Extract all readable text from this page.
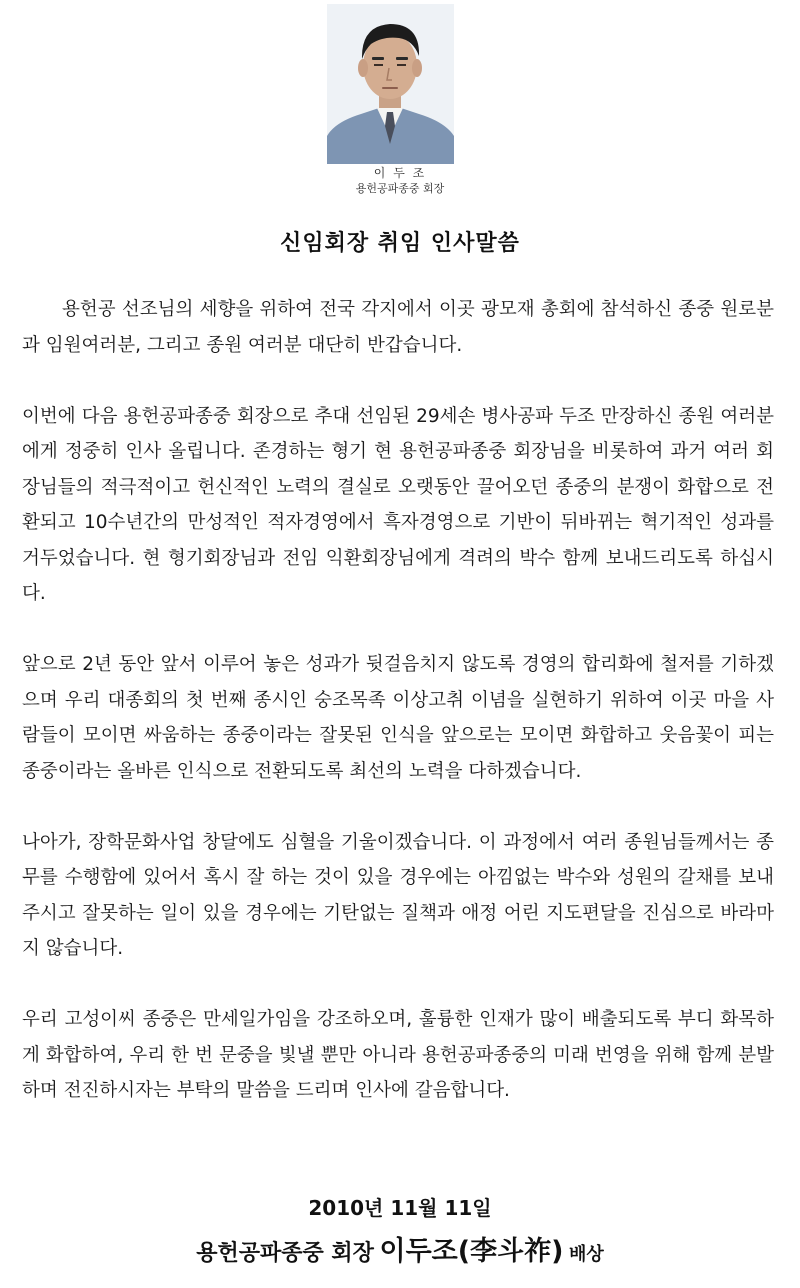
이 두 조
용헌공파종중 회장
신임회장 취임 인사말씀

용헌공 선조님의 세향을 위하여 전국 각지에서 이곳 광모재 총회에 참석하신 종중 원로분과 임원여러분, 그리고 종원 여러분 대단히 반갑습니다.

이번에 다음 용헌공파종중 회장으로 추대 선임된 29세손 병사공파 두조 만장하신 종원 여러분에게 정중히 인사 올립니다. 존경하는 형기 현 용헌공파종중 회장님을 비롯하여 과거 여러 회장님들의 적극적이고 헌신적인 노력의 결실로 오랫동안 끌어오던 종중의 분쟁이 화합으로 전환되고 10수년간의 만성적인 적자경영에서 흑자경영으로 기반이 뒤바뀌는 혁기적인 성과를 거두었습니다. 현 형기회장님과 전임 익환회장님에게 격려의 박수 함께 보내드리도록 하십시다.

앞으로 2년 동안 앞서 이루어 놓은 성과가 뒷걸음치지 않도록 경영의 합리화에 철저를 기하겠으며 우리 대종회의 첫 번째 종시인 숭조목족 이상고취 이념을 실현하기 위하여 이곳 마을 사람들이 모이면 싸움하는 종중이라는 잘못된 인식을 앞으로는 모이면 화합하고 웃음꽃이 피는 종중이라는 올바른 인식으로 전환되도록 최선의 노력을 다하겠습니다.

나아가, 장학문화사업 창달에도 심혈을 기울이겠습니다. 이 과정에서 여러 종원님들께서는 종무를 수행함에 있어서 혹시 잘 하는 것이 있을 경우에는 아낌없는 박수와 성원의 갈채를 보내주시고 잘못하는 일이 있을 경우에는 기탄없는 질책과 애정 어린 지도편달을 진심으로 바라마지 않습니다.

우리 고성이씨 종중은 만세일가임을 강조하오며, 훌륭한 인재가 많이 배출되도록 부디 화목하게 화합하여, 우리 한 번 문중을 빛낼 뿐만 아니라 용헌공파종중의 미래 번영을 위해 함께 분발하며 전진하시자는 부탁의 말씀을 드리며 인사에 갈음합니다.

2010년 11월 11일
용헌공파종중 회장 이두조(李斗祚) 배상
